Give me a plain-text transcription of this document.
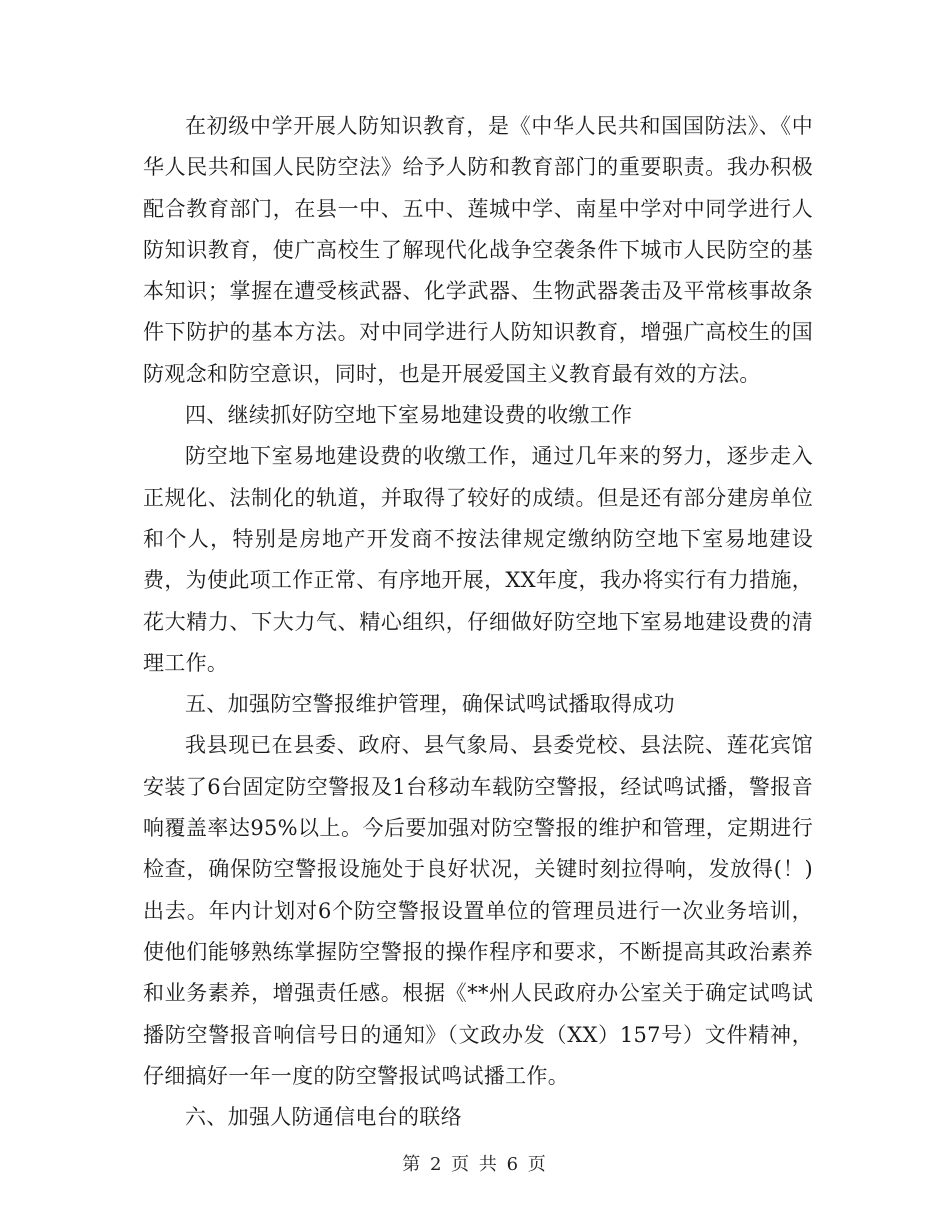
在初级中学开展人防知识教育，是《中华人民共和国国防法》、《中华人民共和国人民防空法》给予人防和教育部门的重要职责。我办积极配合教育部门，在县一中、五中、莲城中学、南星中学对中同学进行人防知识教育，使广高校生了解现代化战争空袭条件下城市人民防空的基本知识；掌握在遭受核武器、化学武器、生物武器袭击及平常核事故条件下防护的基本方法。对中同学进行人防知识教育，增强广高校生的国防观念和防空意识，同时，也是开展爱国主义教育最有效的方法。

四、继续抓好防空地下室易地建设费的收缴工作

防空地下室易地建设费的收缴工作，通过几年来的努力，逐步走入正规化、法制化的轨道，并取得了较好的成绩。但是还有部分建房单位和个人，特别是房地产开发商不按法律规定缴纳防空地下室易地建设费，为使此项工作正常、有序地开展，XX年度，我办将实行有力措施，花大精力、下大力气、精心组织，仔细做好防空地下室易地建设费的清理工作。

五、加强防空警报维护管理，确保试鸣试播取得成功

我县现已在县委、政府、县气象局、县委党校、县法院、莲花宾馆安装了6台固定防空警报及1台移动车载防空警报，经试鸣试播，警报音响覆盖率达95%以上。今后要加强对防空警报的维护和管理，定期进行检查，确保防空警报设施处于良好状况，关键时刻拉得响，发放得(！)出去。年内计划对6个防空警报设置单位的管理员进行一次业务培训，使他们能够熟练掌握防空警报的操作程序和要求，不断提高其政治素养和业务素养，增强责任感。根据《**州人民政府办公室关于确定试鸣试播防空警报音响信号日的通知》（文政办发（XX）157号）文件精神，仔细搞好一年一度的防空警报试鸣试播工作。

六、加强人防通信电台的联络

第 2 页 共 6 页
